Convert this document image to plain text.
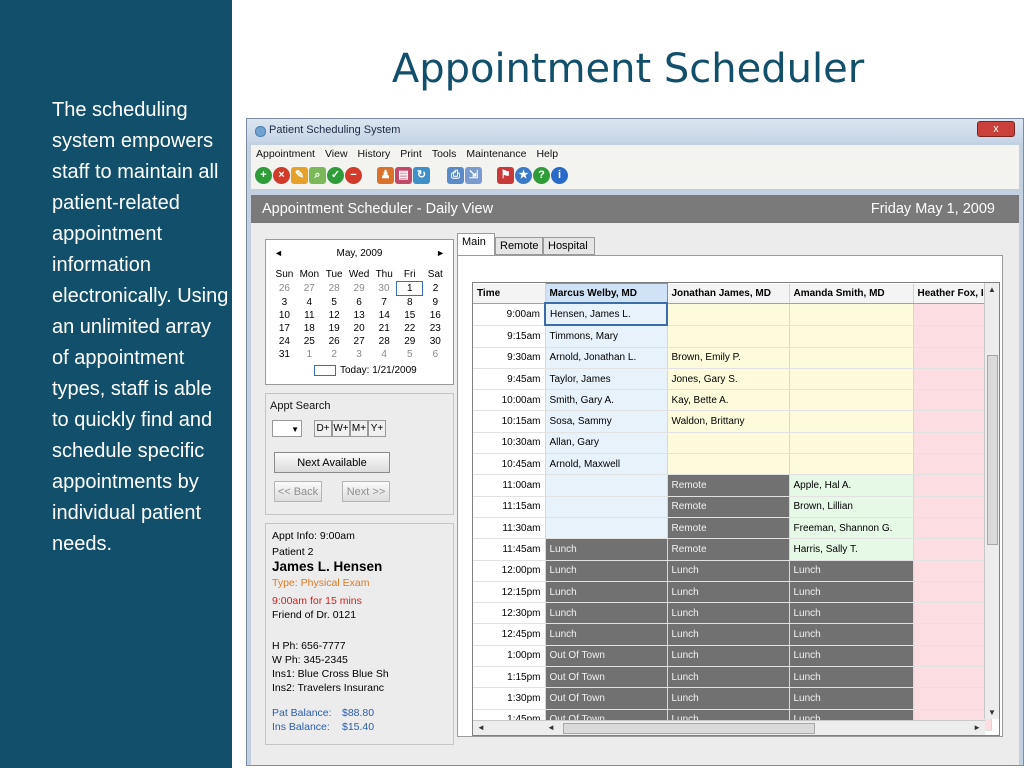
The scheduling system empowers staff to maintain all patient-related appointment information electronically. Using an unlimited array of appointment types, staff is able to quickly find and schedule specific appointments by individual patient needs.
Appointment Scheduler
Patient Scheduling System	x
Appointment View History Print Tools Maintenance Help
+	× ✎ ⌕ ✓ −	♟ ▤ ↻	⎙ ⇲	⚑ ★ ?	i
Appointment Scheduler - Daily View	Friday May 1, 2009
May, 2009
◄	►
Sun	Mon	Tue	Wed	Thu	Fri	Sat
26	27	28	29	30	1	2
3	4	5	6	7	8	9
10	11	12	13	14	15	16
17	18	19	20	21	22	23
24	25	26	27	28	29	30
31	1	2	3	4	5	6
Today: 1/21/2009
Appt Search
▼	D+ W+ M+ Y+
Next Available
<< Back	Next >>
Appt Info: 9:00am
Patient 2
James L. Hensen
Type: Physical Exam
9:00am for 15 mins
Friend of Dr. 0121
H Ph: 656-7777
W Ph: 345-2345
Ins1: Blue Cross Blue Sh
Ins2: Travelers Insuranc
Pat Balance: $88.80
Ins Balance: $15.40
Main	Remote Hospital
Time	Marcus Welby, MD	Jonathan James, MD	Amanda Smith, MD	Heather Fox, I
9:00am	Hensen, James L.			
9:15am	Timmons, Mary			
9:30am	Arnold, Jonathan L.	Brown, Emily P.		
9:45am	Taylor, James	Jones, Gary S.		
10:00am	Smith, Gary A.	Kay, Bette A.		
10:15am	Sosa, Sammy	Waldon, Brittany		
10:30am	Allan, Gary			
10:45am	Arnold, Maxwell			
11:00am		Remote	Apple, Hal A.	
11:15am		Remote	Brown, Lillian	
11:30am		Remote	Freeman, Shannon G.	
11:45am	Lunch	Remote	Harris, Sally T.	
12:00pm	Lunch	Lunch	Lunch	
12:15pm	Lunch	Lunch	Lunch	
12:30pm	Lunch	Lunch	Lunch	
12:45pm	Lunch	Lunch	Lunch	
1:00pm	Out Of Town	Lunch	Lunch	
1:15pm	Out Of Town	Lunch	Lunch	
1:30pm	Out Of Town	Lunch	Lunch	

▲
▼
◄	◄	►
